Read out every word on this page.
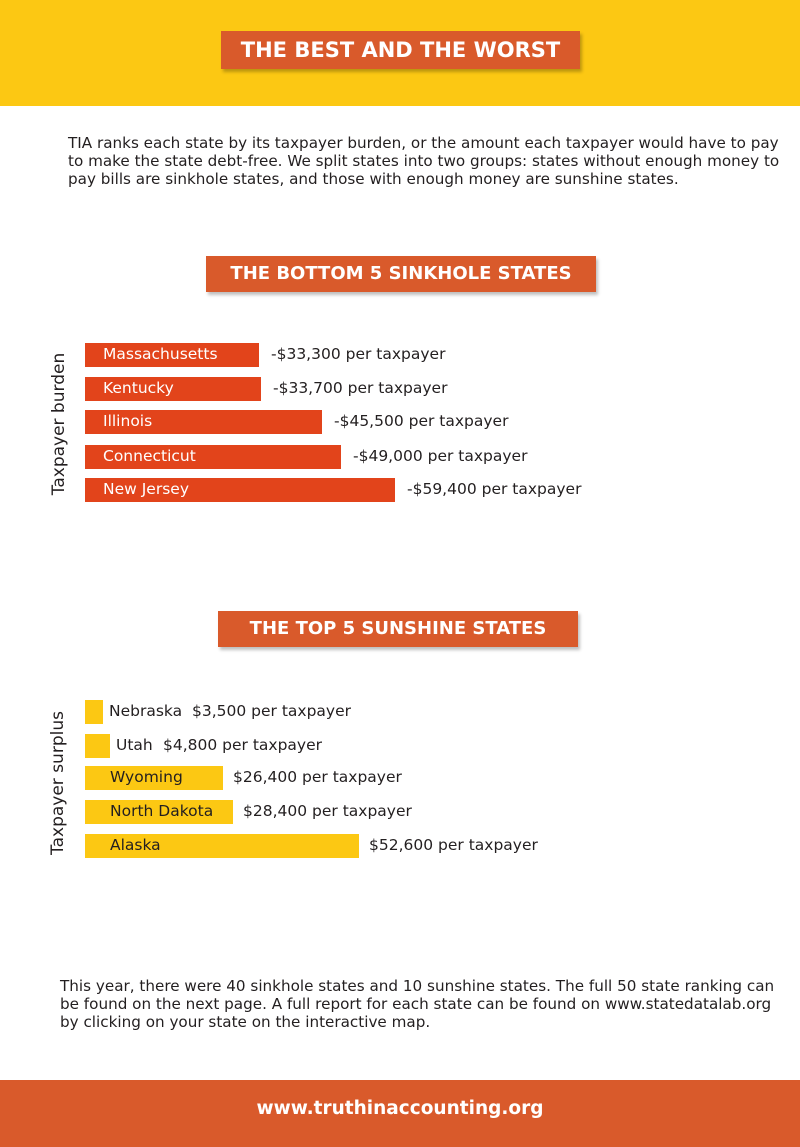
THE BEST AND THE WORST
TIA ranks each state by its taxpayer burden, or the amount each taxpayer would have to pay to make the state debt-free. We split states into two groups: states without enough money to pay bills are sinkhole states, and those with enough money are sunshine states.
THE BOTTOM 5 SINKHOLE STATES
Taxpayer burden Massachusetts	-$33,300 per taxpayer
Kentucky	-$33,700 per taxpayer
Illinois	-$45,500 per taxpayer
Connecticut	-$49,000 per taxpayer
New Jersey	-$59,400 per taxpayer
THE TOP 5 SUNSHINE STATES
Taxpayer surplus
Nebraska $3,500 per taxpayer
Utah $4,800 per taxpayer
Wyoming	$26,400 per taxpayer
North Dakota $28,400 per taxpayer
Alaska	$52,600 per taxpayer
This year, there were 40 sinkhole states and 10 sunshine states. The full 50 state ranking can be found on the next page. A full report for each state can be found on www.statedatalab.org by clicking on your state on the interactive map.
www.truthinaccounting.org
